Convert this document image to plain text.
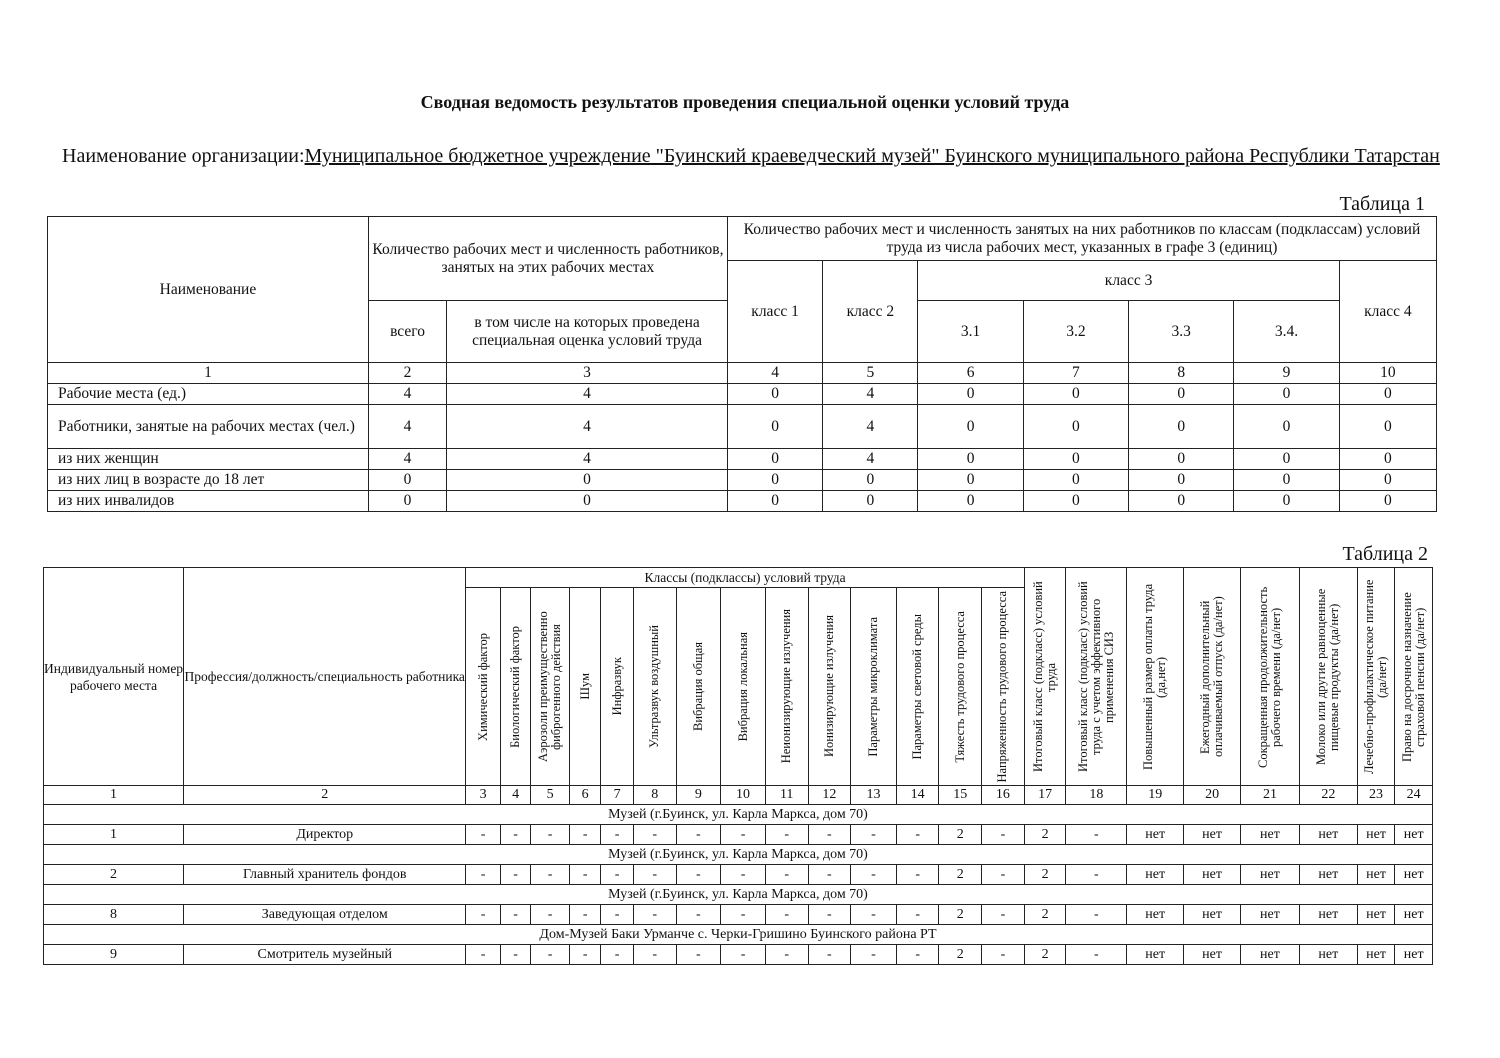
Сводная ведомость результатов проведения специальной оценки условий труда
Наименование организации:Муниципальное бюджетное учреждение "Буинский краеведческий музей" Буинского муниципального района Республики Татарстан
Таблица 1
Наименование	Количество рабочих мест и численность работников, занятых на этих рабочих местах		Количество рабочих мест и численность занятых на них работников по классам (подклассам) условий труда из числа рабочих мест, указанных в графе 3 (единиц)						
			класс 1	класс 2	класс 3				класс 4
	всего	в том числе на которых проведена специальная оценка условий труда			3.1	3.2	3.3	3.4.	
1	2	3	4	5	6	7	8	9	10
Рабочие места (ед.)	4	4	0	4	0	0	0	0	0
Работники, занятые на рабочих местах (чел.)	4	4	0	4	0	0	0	0	0
из них женщин	4	4	0	4	0	0	0	0	0
из них лиц в возрасте до 18 лет	0	0	0	0	0	0	0	0	0
из них инвалидов	0	0	0	0	0	0	0	0	0
Таблица 2
Индивидуальный номер рабочего места	Профессия/должность/специальность работника	Классы (подклассы) условий труда														Итоговый класс (подкласс) условий труда	Итоговый класс (подкласс) условий труда с учетом эффективного применения СИЗ	Повышенный размер оплаты труда (да,нет)	Ежегодный дополнительный оплачиваемый отпуск (да/нет)	Сокращенная продолжительность рабочего времени (да/нет)	Молоко или другие равноценные пищевые продукты (да/нет)	Лечебно-профилактическое питание (да/нет)	Право на досрочное назначение страховой пенсии (да/нет)

		Химический фактор	Биологический фактор	Аэрозоли преимущественно фиброгенного действия	Шум	Инфразвук	Ультразвук воздушный	Вибрация общая	Вибрация локальная	Неионизирующие излучения	Ионизирующие излучения	Параметры микроклимата	Параметры световой среды	Тяжесть трудового процесса	Напряженность трудового процесса								

1	2	3	4	5	6	7	8	9	10	11	12	13	14	15	16	17	18	19	20	21	22	23	24
Музей (г.Буинск, ул. Карла Маркса, дом 70)																							
1	Директор	-	-	-	-	-	-	-	-	-	-	-	-	2	-	2	-	нет	нет	нет	нет	нет	нет
Музей (г.Буинск, ул. Карла Маркса, дом 70)																							
2	Главный хранитель фондов	-	-	-	-	-	-	-	-	-	-	-	-	2	-	2	-	нет	нет	нет	нет	нет	нет
Музей (г.Буинск, ул. Карла Маркса, дом 70)																							
8	Заведующая отделом	-	-	-	-	-	-	-	-	-	-	-	-	2	-	2	-	нет	нет	нет	нет	нет	нет
Дом-Музей Баки Урманче с. Черки-Гришино Буинского района РТ																							
9	Смотритель музейный	-	-	-	-	-	-	-	-	-	-	-	-	2	-	2	-	нет	нет	нет	нет	нет	нет
